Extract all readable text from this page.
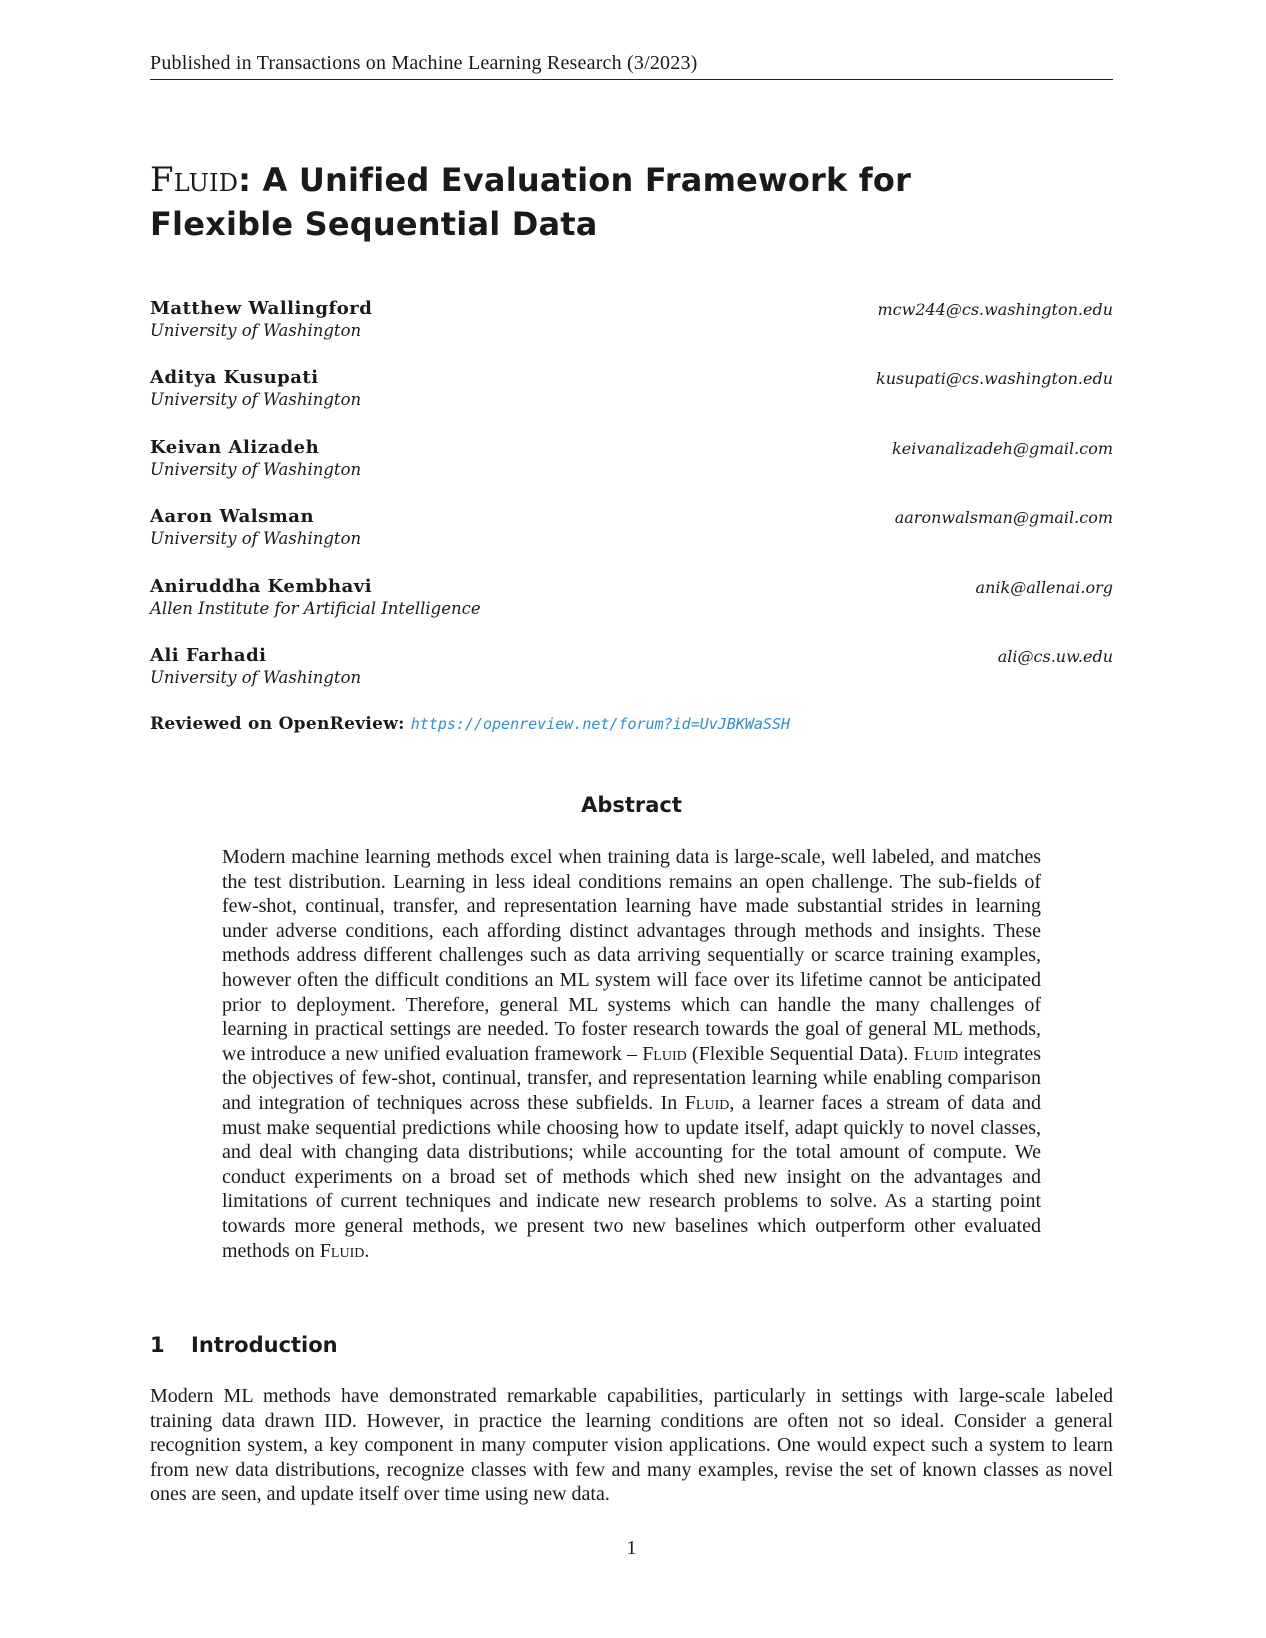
Published in Transactions on Machine Learning Research (3/2023)
Fluid: A Unified Evaluation Framework for
Flexible Sequential Data
Matthew Wallingford	mcw244@cs.washington.edu
University of Washington
Aditya Kusupati	kusupati@cs.washington.edu
University of Washington
Keivan Alizadeh	keivanalizadeh@gmail.com
University of Washington
Aaron Walsman	aaronwalsman@gmail.com
University of Washington
Aniruddha Kembhavi	anik@allenai.org
Allen Institute for Artificial Intelligence
Ali Farhadi	ali@cs.uw.edu
University of Washington
Reviewed on OpenReview: https://openreview.net/forum?id=UvJBKWaSSH
Abstract
Modern machine learning methods excel when training data is large-scale, well labeled, and matches the test distribution. Learning in less ideal conditions remains an open challenge. The sub-fields of few-shot, continual, transfer, and representation learning have made substantial strides in learning under adverse conditions, each affording distinct advantages through methods and insights. These methods address different challenges such as data arriving sequentially or scarce training examples, however often the difficult conditions an ML system will face over its lifetime cannot be anticipated prior to deployment. Therefore, general ML systems which can handle the many challenges of learning in practical settings are needed. To foster research towards the goal of general ML methods, we introduce a new unified evaluation framework – Fluid (Flexible Sequential Data). Fluid integrates the objectives of few-shot, continual, transfer, and representation learning while enabling comparison and integration of techniques across these subfields. In Fluid, a learner faces a stream of data and must make sequential predictions while choosing how to update itself, adapt quickly to novel classes, and deal with changing data distributions; while accounting for the total amount of compute. We conduct experiments on a broad set of methods which shed new insight on the advantages and limitations of current techniques and indicate new research problems to solve. As a starting point towards more general methods, we present two new baselines which outperform other evaluated methods on Fluid.
1 Introduction
Modern ML methods have demonstrated remarkable capabilities, particularly in settings with large-scale labeled training data drawn IID. However, in practice the learning conditions are often not so ideal. Consider a general recognition system, a key component in many computer vision applications. One would expect such a system to learn from new data distributions, recognize classes with few and many examples, revise the set of known classes as novel ones are seen, and update itself over time using new data.
1
